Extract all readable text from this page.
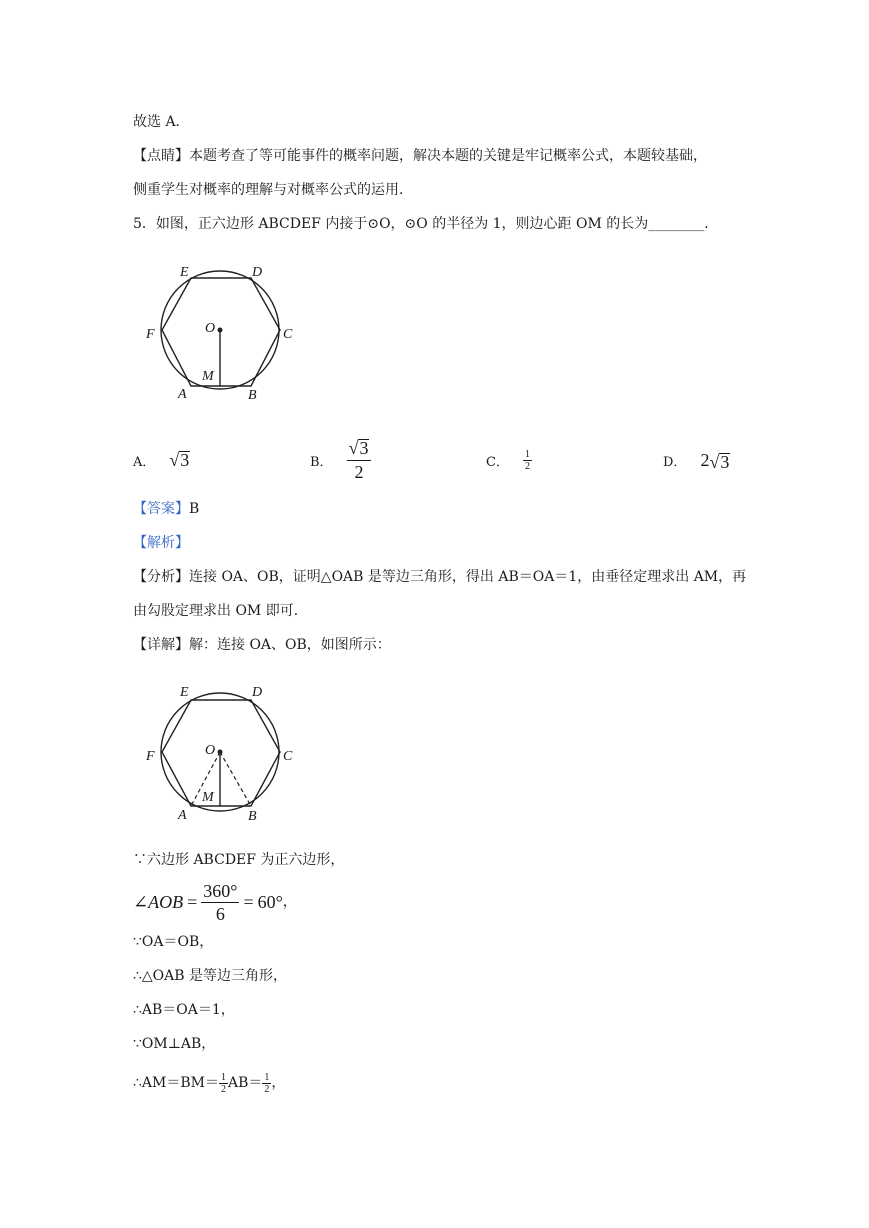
故选 A．
【点睛】本题考查了等可能事件的概率问题，解决本题的关键是牢记概率公式，本题较基础，
侧重学生对概率的理解与对概率公式的运用．
5．如图，正六边形 ABCDEF 内接于⊙O，⊙O 的半径为 1，则边心距 OM 的长为________．
E	D
F	C
O
M
A	B
A． √ 3	B． $\frac{√ 3}{2}$	C． $\frac{1}{2}$	D． 2 √ 3
【答案】B
【解析】
【分析】连接 OA、OB，证明△OAB 是等边三角形，得出 AB＝OA＝1，由垂径定理求出 AM，再
由勾股定理求出 OM 即可．
【详解】解：连接 OA、OB，如图所示：
E	D
F	C
O
M
A	B
∵六边形 ABCDEF 为正六边形，
∠AOB = $\frac{360^\circ}{6} = 60^\circ$ ，
∵OA＝OB，
∴△OAB 是等边三角形，
∴AB＝OA＝1，
∵OM⊥AB，
∴AM＝BM＝ $\frac{1}{2} AB= \frac{1}{2}$ ，
